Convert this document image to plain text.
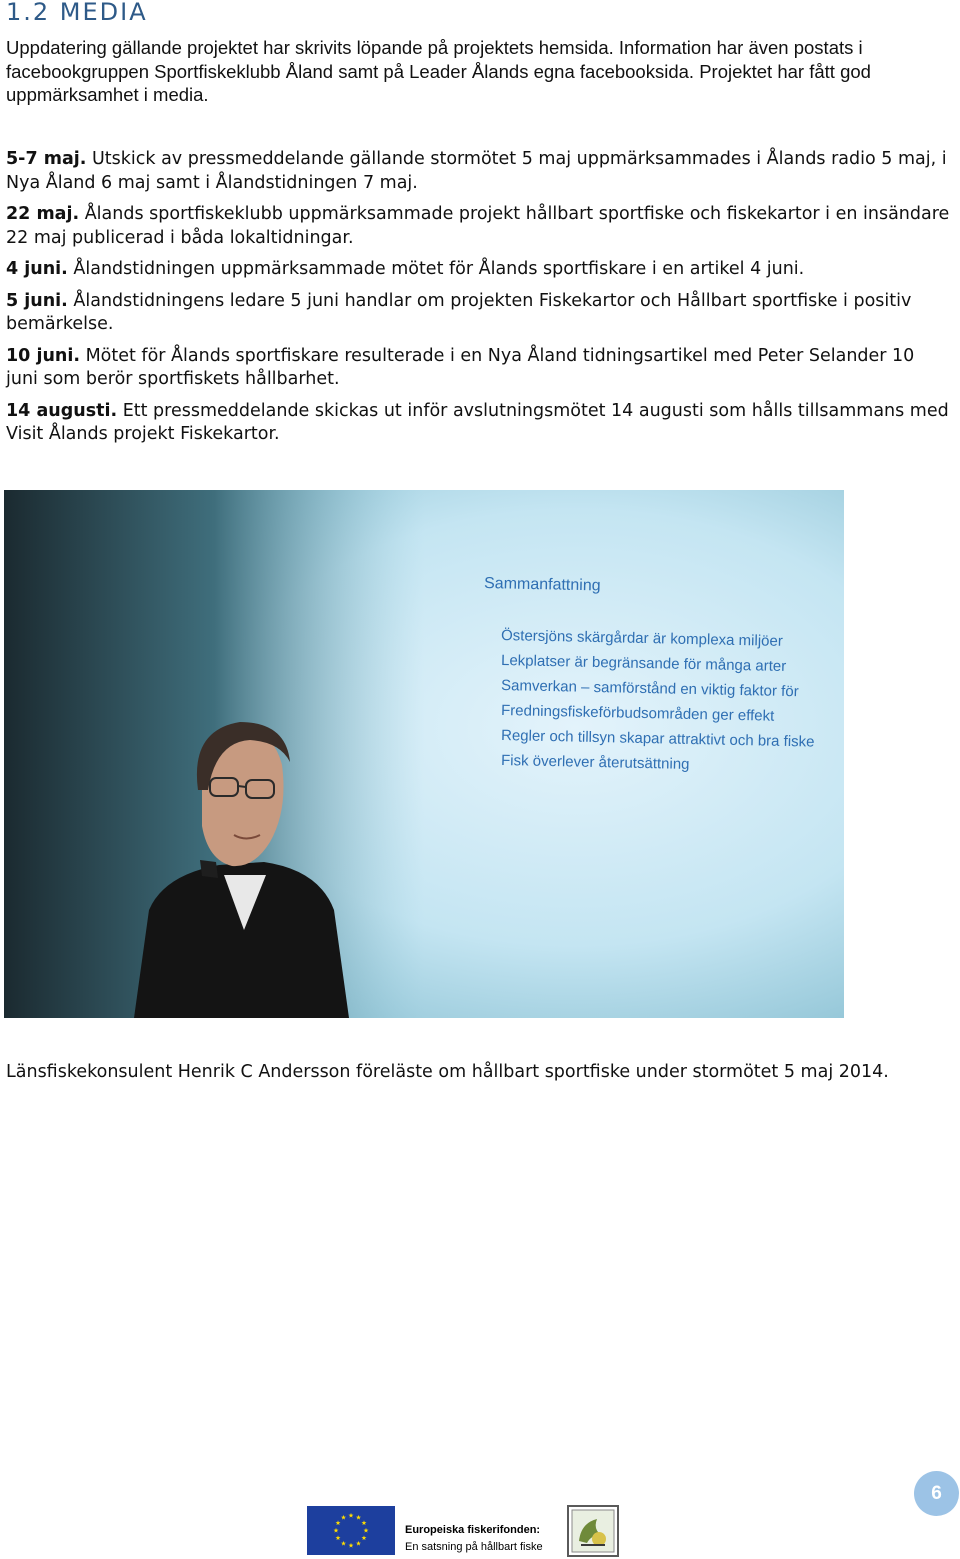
1.2 MEDIA

Uppdatering gällande projektet har skrivits löpande på projektets hemsida. Information har även postats i facebookgruppen Sportfiskeklubb Åland samt på Leader Ålands egna facebooksida. Projektet har fått god uppmärksamhet i media.

5-7 maj. Utskick av pressmeddelande gällande stormötet 5 maj uppmärksammades i Ålands radio 5 maj, i Nya Åland 6 maj samt i Ålandstidningen 7 maj.

22 maj. Ålands sportfiskeklubb uppmärksammade projekt hållbart sportfiske och fiskekartor i en insändare 22 maj publicerad i båda lokaltidningar.

4 juni. Ålandstidningen uppmärksammade mötet för Ålands sportfiskare i en artikel 4 juni.

5 juni. Ålandstidningens ledare 5 juni handlar om projekten Fiskekartor och Hållbart sportfiske i positiv bemärkelse.

10 juni. Mötet för Ålands sportfiskare resulterade i en Nya Åland tidningsartikel med Peter Selander 10 juni som berör sportfiskets hållbarhet.

14 augusti. Ett pressmeddelande skickas ut inför avslutningsmötet 14 augusti som hålls tillsammans med Visit Ålands projekt Fiskekartor.

Sammanfattning
Östersjöns skärgårdar är komplexa miljöer
Lekplatser är begränsande för många arter
Samverkan – samförstånd en viktig faktor för
Fredningsfiskeförbudsområden ger effekt
Regler och tillsyn skapar attraktivt och bra fiske
Fisk överlever återutsättning

Länsfiskekonsulent Henrik C Andersson föreläste om hållbart sportfiske under stormötet 5 maj 2014.

6
Europeiska fiskerifonden:
En satsning på hållbart fiske
